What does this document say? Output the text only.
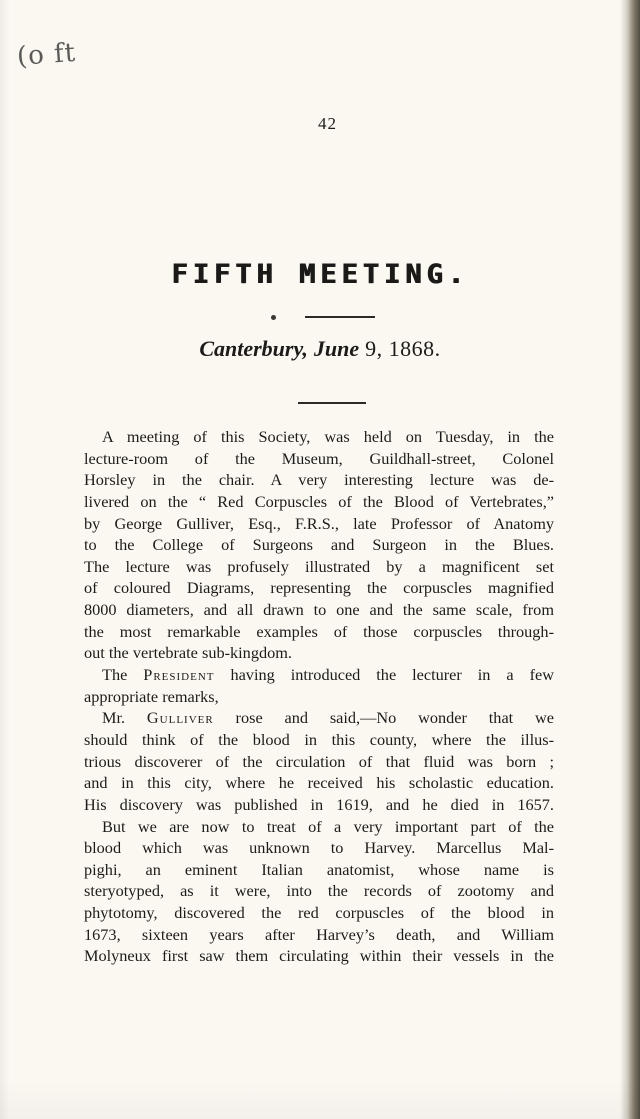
(o ft
42
FIFTH MEETING.
Canterbury, June 9, 1868.
A meeting of this Society, was held on Tuesday, in the
lecture-room of the Museum, Guildhall-street, Colonel
Horsley in the chair. A very interesting lecture was de-
livered on the “ Red Corpuscles of the Blood of Vertebrates,”
by George Gulliver, Esq., F.R.S., late Professor of Anatomy
to the College of Surgeons and Surgeon in the Blues.
The lecture was profusely illustrated by a magnificent set
of coloured Diagrams, representing the corpuscles magnified
8000 diameters, and all drawn to one and the same scale, from
the most remarkable examples of those corpuscles through-
out the vertebrate sub-kingdom.
The President having introduced the lecturer in a few
appropriate remarks,
Mr. Gulliver rose and said,—No wonder that we
should think of the blood in this county, where the illus-
trious discoverer of the circulation of that fluid was born ;
and in this city, where he received his scholastic education.
His discovery was published in 1619, and he died in 1657.
But we are now to treat of a very important part of the
blood which was unknown to Harvey. Marcellus Mal-
pighi, an eminent Italian anatomist, whose name is
steryotyped, as it were, into the records of zootomy and
phytotomy, discovered the red corpuscles of the blood in
1673, sixteen years after Harvey’s death, and William
Molyneux first saw them circulating within their vessels in the
